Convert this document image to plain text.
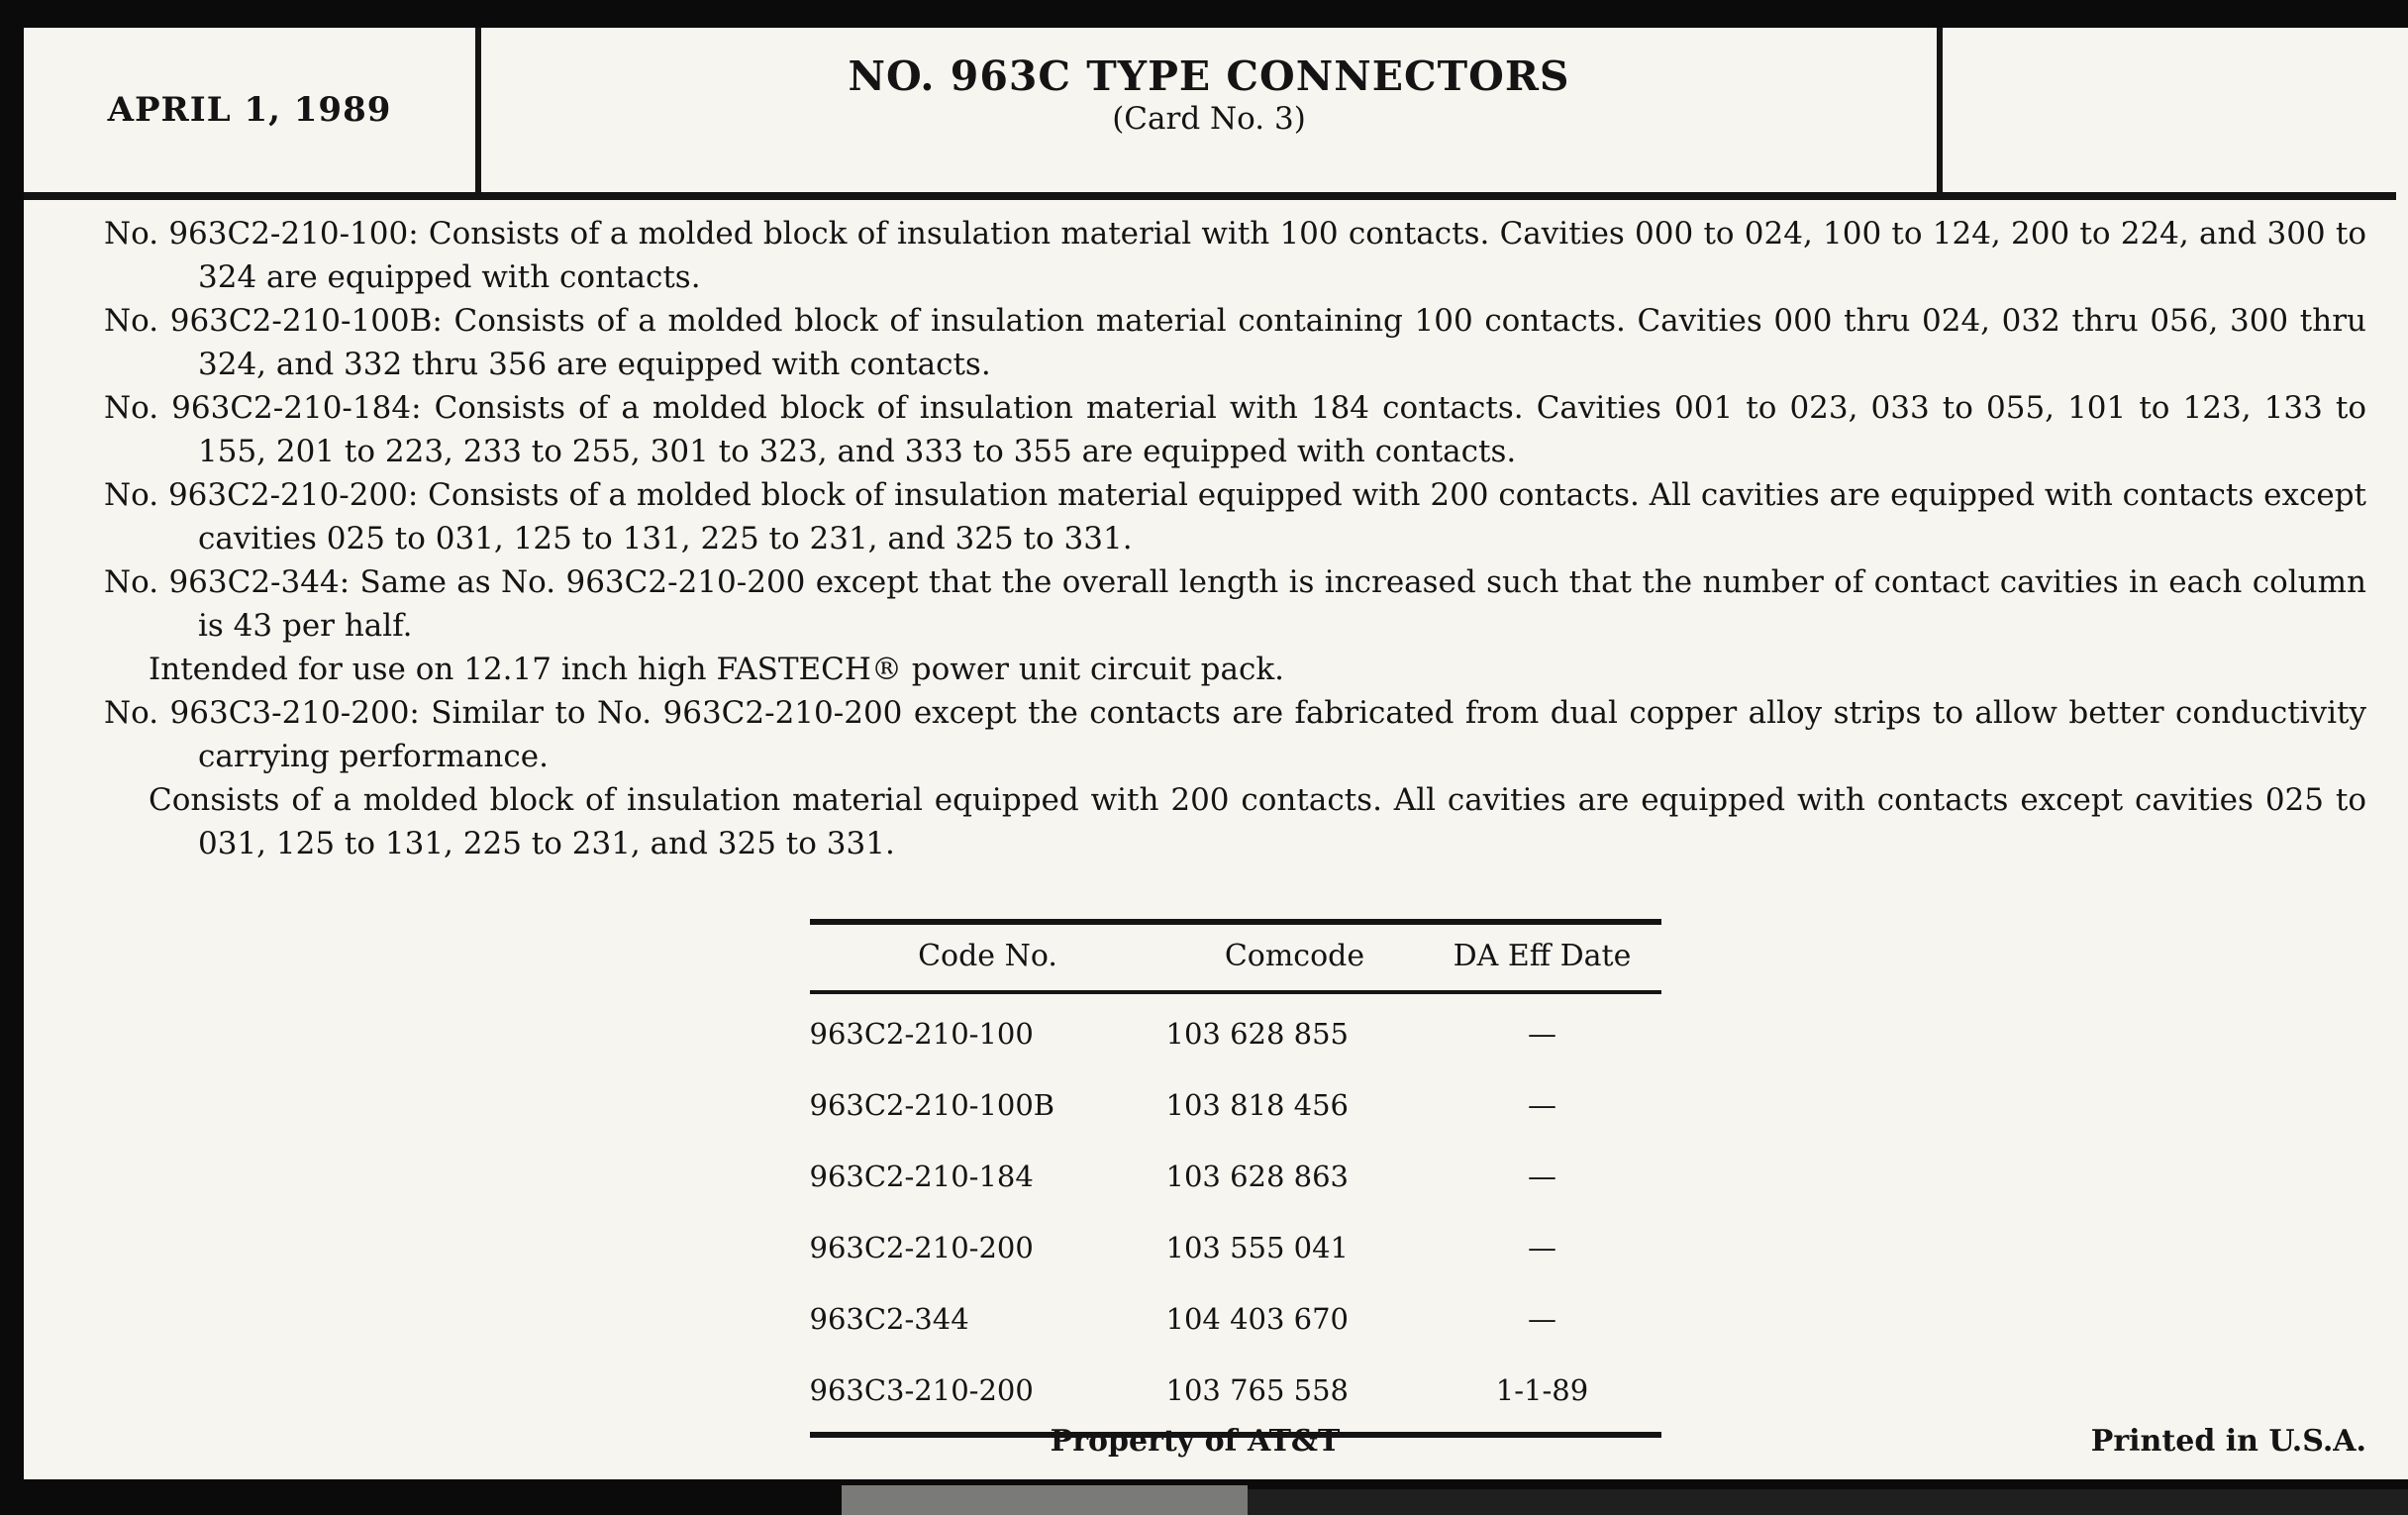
APRIL 1, 1989
NO. 963C TYPE CONNECTORS
(Card No. 3)

No. 963C2-210-100: Consists of a molded block of insulation material with 100 contacts. Cavities 000 to 024, 100 to 124, 200 to 224, and 300 to 324 are equipped with contacts.

No. 963C2-210-100B: Consists of a molded block of insulation material containing 100 contacts. Cavities 000 thru 024, 032 thru 056, 300 thru 324, and 332 thru 356 are equipped with contacts.

No. 963C2-210-184: Consists of a molded block of insulation material with 184 contacts. Cavities 001 to 023, 033 to 055, 101 to 123, 133 to 155, 201 to 223, 233 to 255, 301 to 323, and 333 to 355 are equipped with contacts.

No. 963C2-210-200: Consists of a molded block of insulation material equipped with 200 contacts. All cavities are equipped with contacts except cavities 025 to 031, 125 to 131, 225 to 231, and 325 to 331.

No. 963C2-344: Same as No. 963C2-210-200 except that the overall length is increased such that the number of contact cavities in each column is 43 per half.

Intended for use on 12.17 inch high FASTECH® power unit circuit pack.

No. 963C3-210-200: Similar to No. 963C2-210-200 except the contacts are fabricated from dual copper alloy strips to allow better conductivity carrying performance.

Consists of a molded block of insulation material equipped with 200 contacts. All cavities are equipped with contacts except cavities 025 to 031, 125 to 131, 225 to 231, and 325 to 331.

Code No.	Comcode	DA Eff Date
963C2-210-100	103 628 855	—
963C2-210-100B	103 818 456	—
963C2-210-184	103 628 863	—
963C2-210-200	103 555 041	—
963C2-344	104 403 670	—
963C3-210-200	103 765 558	1-1-89
Property of AT&T	Printed in U.S.A.
